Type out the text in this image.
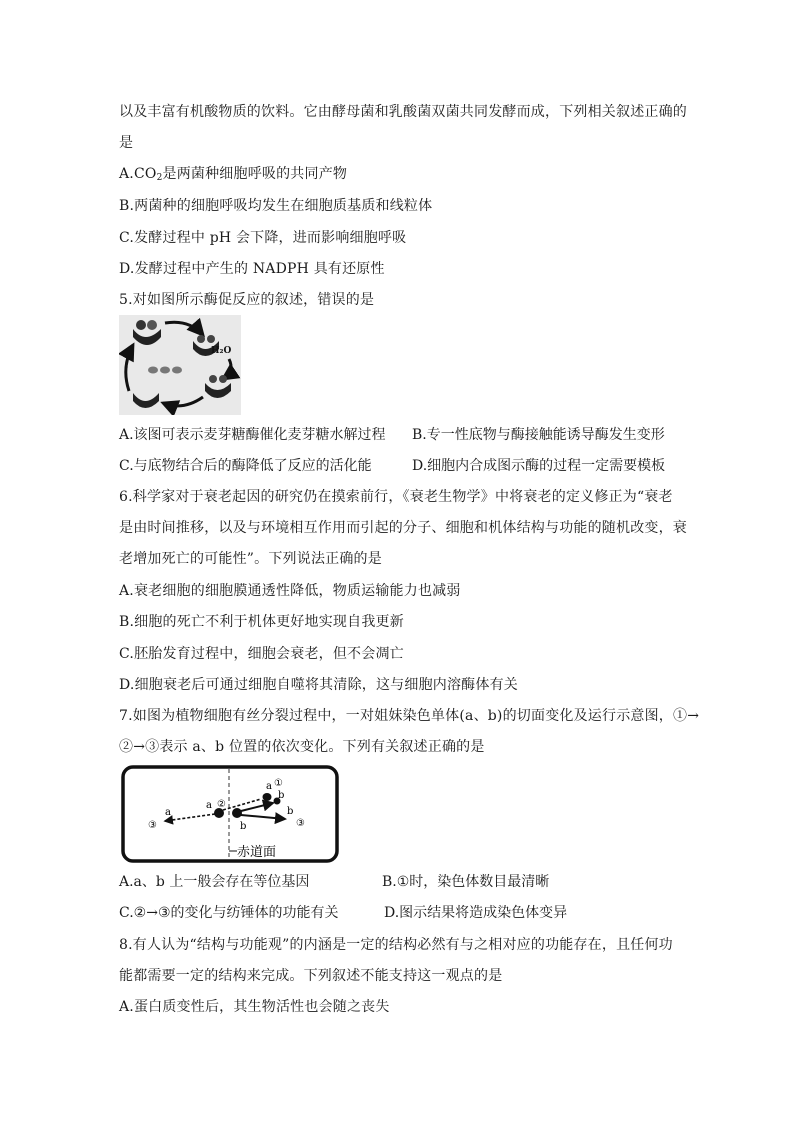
以及丰富有机酸物质的饮料。它由酵母菌和乳酸菌双菌共同发酵而成，下列相关叙述正确的
是
$A.CO_2$是两菌种细胞呼吸的共同产物
B.两菌种的细胞呼吸均发生在细胞质基质和线粒体
C.发酵过程中 pH 会下降，进而影响细胞呼吸
D.发酵过程中产生的 NADPH 具有还原性
5.对如图所示酶促反应的叙述，错误的是
H₂O
A.该图可表示麦芽糖酶催化麦芽糖水解过程 B.专一性底物与酶接触能诱导酶发生变形
C.与底物结合后的酶降低了反应的活化能	D.细胞内合成图示酶的过程一定需要模板
6.科学家对于衰老起因的研究仍在摸索前行，《衰老生物学》中将衰老的定义修正为“衰老
是由时间推移，以及与环境相互作用而引起的分子、细胞和机体结构与功能的随机改变，衰
老增加死亡的可能性”。下列说法正确的是
A.衰老细胞的细胞膜通透性降低，物质运输能力也减弱
B.细胞的死亡不利于机体更好地实现自我更新
C.胚胎发育过程中，细胞会衰老，但不会凋亡
D.细胞衰老后可通过细胞自噬将其清除，这与细胞内溶酶体有关
7.如图为植物细胞有丝分裂过程中，一对姐妹染色单体(a、b)的切面变化及运行示意图，①→
②→③表示 a、b 位置的依次变化。下列有关叙述正确的是
a ①
b
a ②
b
a
③
b
③
赤道面
A.a、b 上一般会存在等位基因	B.①时，染色体数目最清晰
C.②→③的变化与纺锤体的功能有关	D.图示结果将造成染色体变异
8.有人认为“结构与功能观”的内涵是一定的结构必然有与之相对应的功能存在，且任何功
能都需要一定的结构来完成。下列叙述不能支持这一观点的是
A.蛋白质变性后，其生物活性也会随之丧失
